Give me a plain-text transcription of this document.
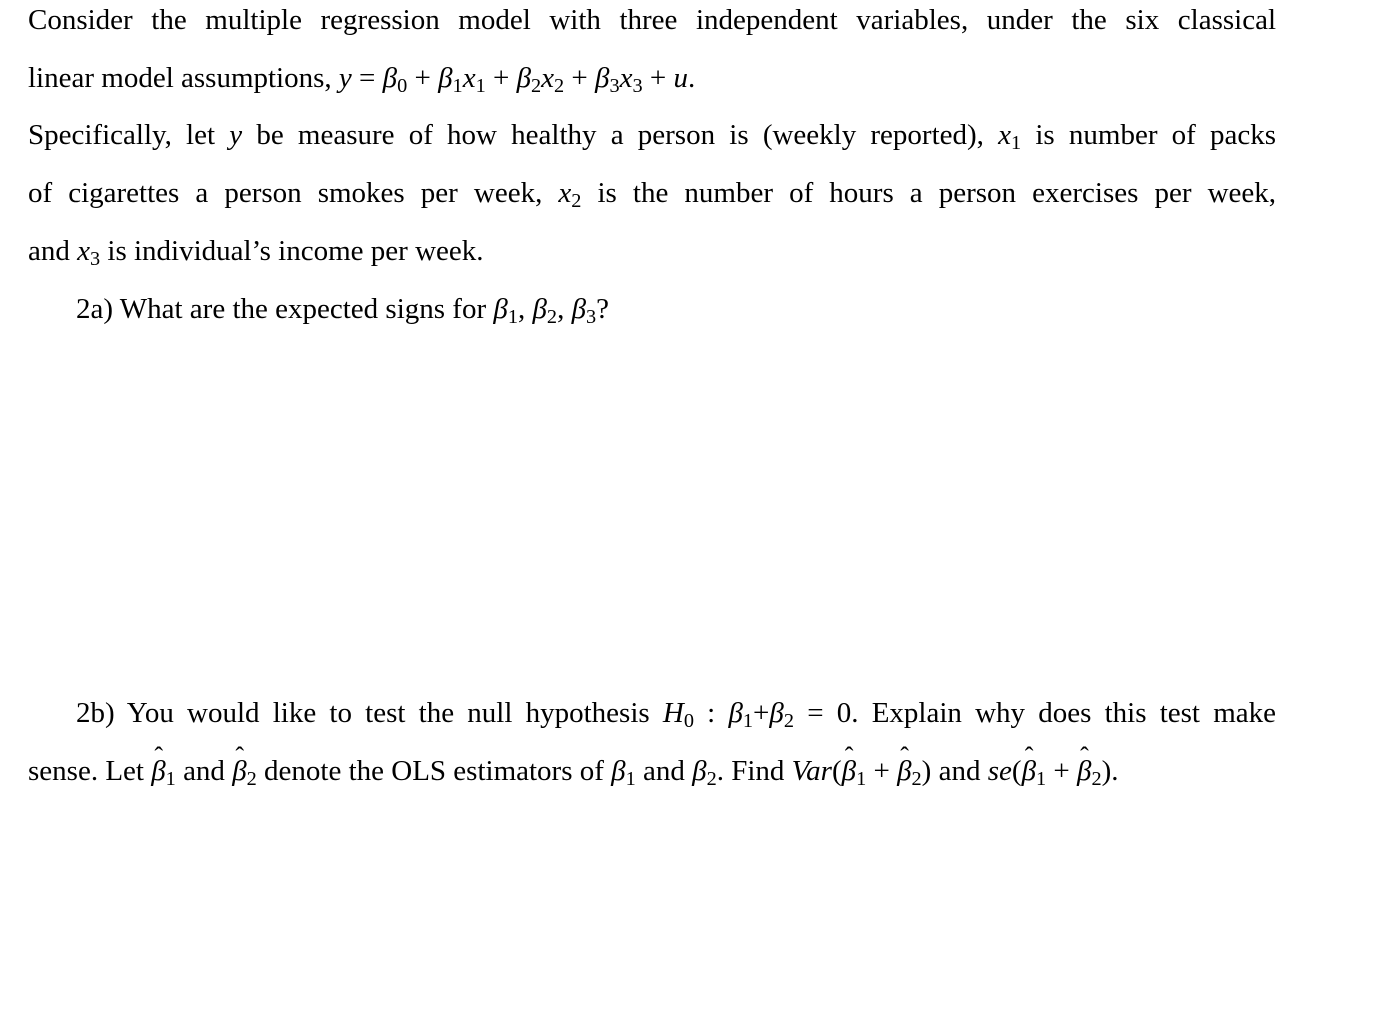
Consider the multiple regression model with three independent variables, under the six classical
linear model assumptions, $y = \beta_0 + \beta_1x_1 + \beta_2x_2 + \beta_3x_3 + u$.
Specifically, let y be measure of how healthy a person is (weekly reported), $x_1$ is number of packs
of cigarettes a person smokes per week, $x_2$ is the number of hours a person exercises per week,
and $x_3$ is individual’s income per week.
2a) What are the expected signs for $\beta_1$, $\beta_2$, $\beta_3$?
2b) You would like to test the null hypothesis $H_0$ : $\beta_1+\beta_2 = 0$. Explain why does this test make
sense. Let ˆ $\beta_1$ and ˆ $\beta_2$ denote the OLS estimators of $\beta_1$ and $\beta_2$. Find Var(ˆ $\beta_1$ + ˆ $\beta_2$) and se(ˆ $\beta_1$ + ˆ $\beta_2$).
